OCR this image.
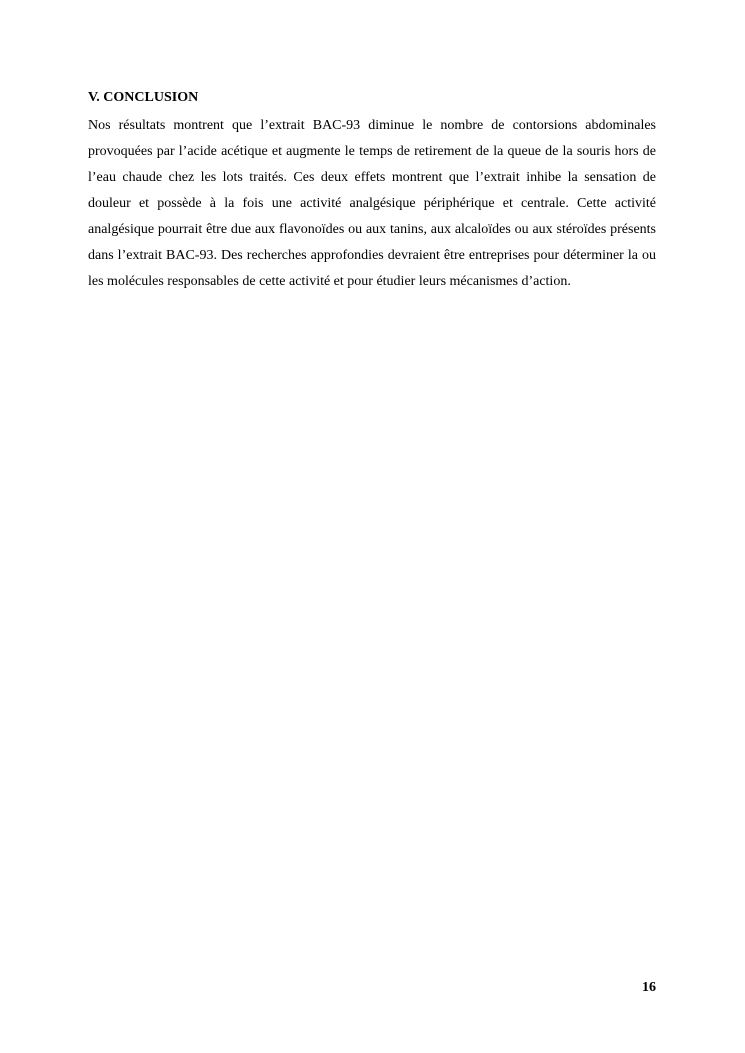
V. CONCLUSION

Nos résultats montrent que l’extrait BAC-93 diminue le nombre de contorsions abdominales provoquées par l’acide acétique et augmente le temps de retirement de la queue de la souris hors de l’eau chaude chez les lots traités. Ces deux effets montrent que l’extrait inhibe la sensation de douleur et possède à la fois une activité analgésique périphérique et centrale. Cette activité analgésique pourrait être due aux flavonoïdes ou aux tanins, aux alcaloïdes ou aux stéroïdes présents dans l’extrait BAC-93. Des recherches approfondies devraient être entreprises pour déterminer la ou les molécules responsables de cette activité et pour étudier leurs mécanismes d’action.

16
